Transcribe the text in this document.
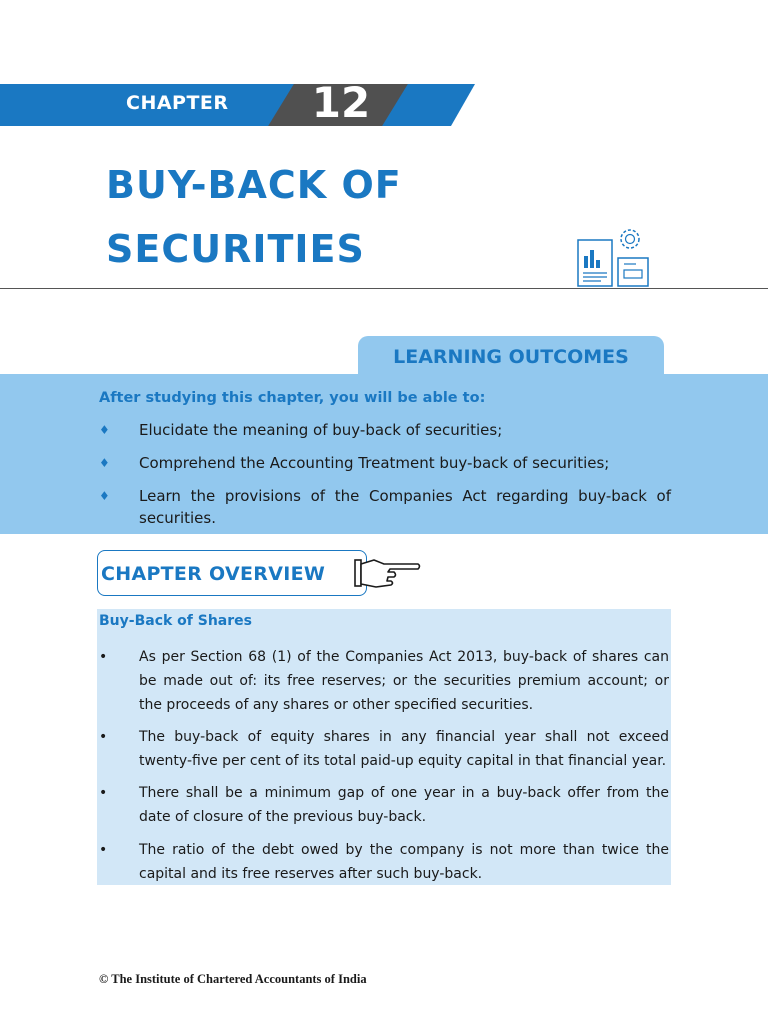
CHAPTER	12
BUY-BACK OF
SECURITIES
LEARNING OUTCOMES
After studying this chapter, you will be able to:
♦ Elucidate the meaning of buy-back of securities;
♦ Comprehend the Accounting Treatment buy-back of securities;
♦ Learn the provisions of the Companies Act regarding buy-back of securities.
CHAPTER OVERVIEW
Buy-Back of Shares
• As per Section 68 (1) of the Companies Act 2013, buy-back of shares can be made out of: its free reserves; or the securities premium account; or the proceeds of any shares or other specified securities.
• The buy-back of equity shares in any financial year shall not exceed twenty-five per cent of its total paid-up equity capital in that financial year.
• There shall be a minimum gap of one year in a buy-back offer from the date of closure of the previous buy-back.
• The ratio of the debt owed by the company is not more than twice the capital and its free reserves after such buy-back.
© The Institute of Chartered Accountants of India
